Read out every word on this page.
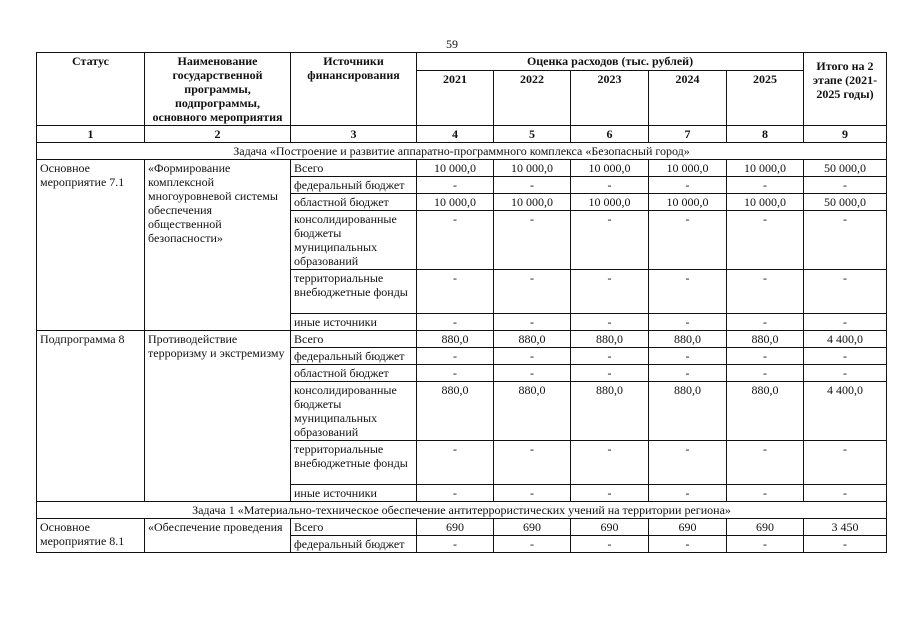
59
Статус	Наименование государственной программы, подпрограммы, основного мероприятия	Источники финансирования	Оценка расходов (тыс. рублей)					Итого на 2 этапе (2021-2025 годы)
			2021	2022	2023	2024	2025	
1	2	3	4	5	6	7	8	9
Задача «Построение и развитие аппаратно-программного комплекса «Безопасный город»								
Основное мероприятие 7.1	«Формирование комплексной многоуровневой системы обеспечения общественной безопасности»	Всего	10 000,0	10 000,0	10 000,0	10 000,0	10 000,0	50 000,0
		федеральный бюджет	-	-	-	-	-	-
		областной бюджет	10 000,0	10 000,0	10 000,0	10 000,0	10 000,0	50 000,0
		консолидированные бюджеты муниципальных образований	-	-	-	-	-	-
		территориальные внебюджетные фонды	-	-	-	-	-	-
		иные источники	-	-	-	-	-	-
Подпрограмма 8	Противодействие терроризму и экстремизму	Всего	880,0	880,0	880,0	880,0	880,0	4 400,0
		федеральный бюджет	-	-	-	-	-	-
		областной бюджет	-	-	-	-	-	-
		консолидированные бюджеты муниципальных образований	880,0	880,0	880,0	880,0	880,0	4 400,0
		территориальные внебюджетные фонды	-	-	-	-	-	-
		иные источники	-	-	-	-	-	-
Задача 1 «Материально-техническое обеспечение антитеррористических учений на территории региона»								
Основное мероприятие 8.1	«Обеспечение проведения	Всего	690	690	690	690	690	3 450
		федеральный бюджет	-	-	-	-	-	-
